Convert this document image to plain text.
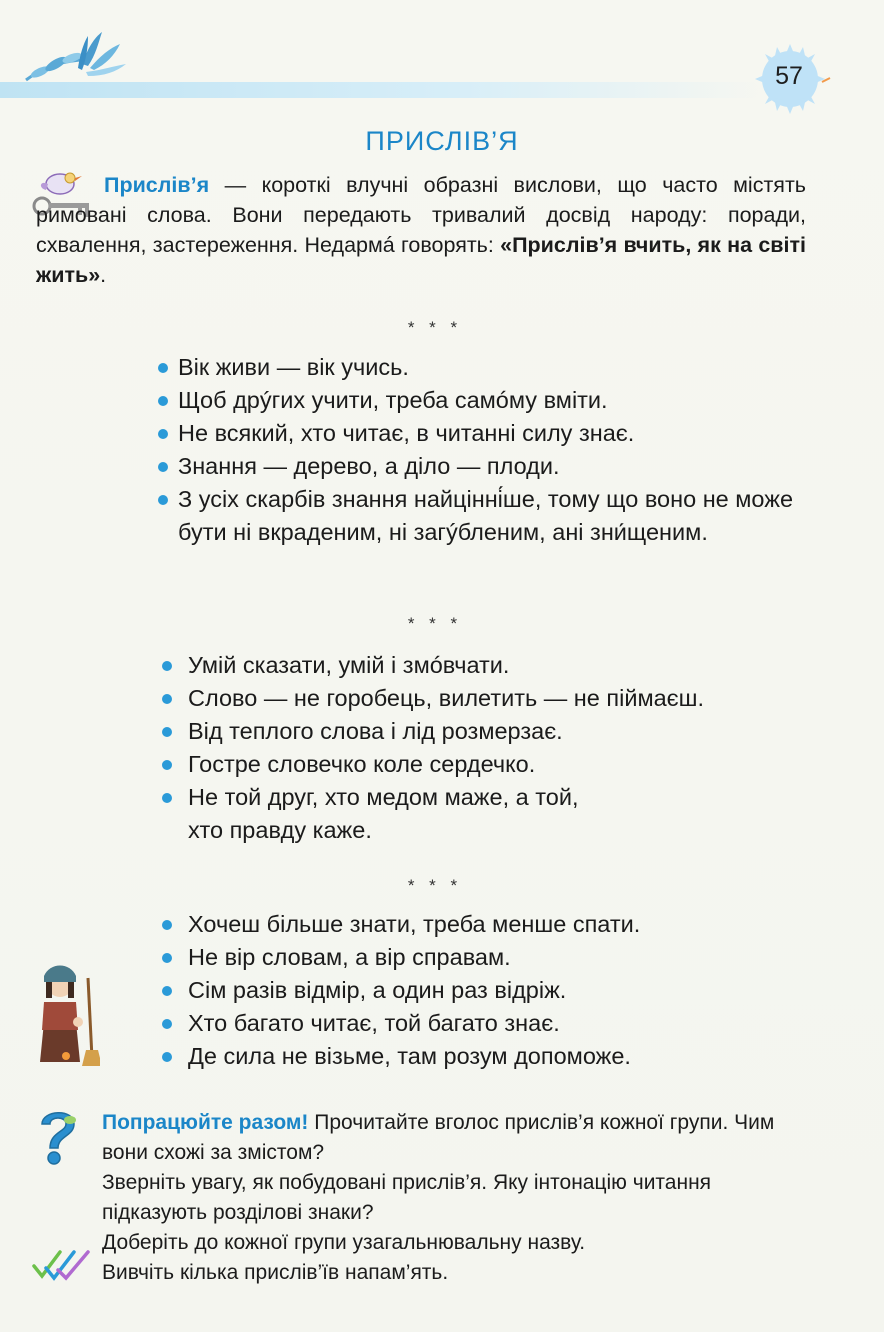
57
ПРИСЛІВ’Я
Прислів’я — короткі влучні образні вислови, що часто містять римовані слова. Вони передають тривалий досвід народу: поради, схвалення, застереження. Недармá говорять: «Прислів’я вчить, як на світі жить».
* * *
Вік живи — вік учись.
Щоб дрýгих учити, треба самóму вміти.
Не всякий, хто читає, в читанні силу знає.
Знання — дерево, а діло — плоди.
З усіх скарбів знання найцінні́ше, тому що воно не може бути ні вкраденим, ні загýбленим, ані зни́щеним.
* * *
Умій сказати, умій і змóвчати.
Слово — не горобець, вилетить — не піймаєш.
Від теплого слова і лід розмерзає.
Гостре словечко коле сердечко.
Не той друг, хто медом маже, а той, хто правду каже.
* * *
Хочеш більше знати, треба менше спати.
Не вір словам, а вір справам.
Сім разів відмір, а один раз відріж.
Хто багато читає, той багато знає.
Де сила не візьме, там розум допоможе.

Попрацюйте разом! Прочитайте вголос прислів’я кожної групи. Чим вони схожі за змістом?

Зверніть увагу, як побудовані прислів’я. Яку інтонацію читання підказують розділові знаки?

Доберіть до кожної групи узагальнювальну назву.

Вивчіть кілька прислів’їв напам’ять.
